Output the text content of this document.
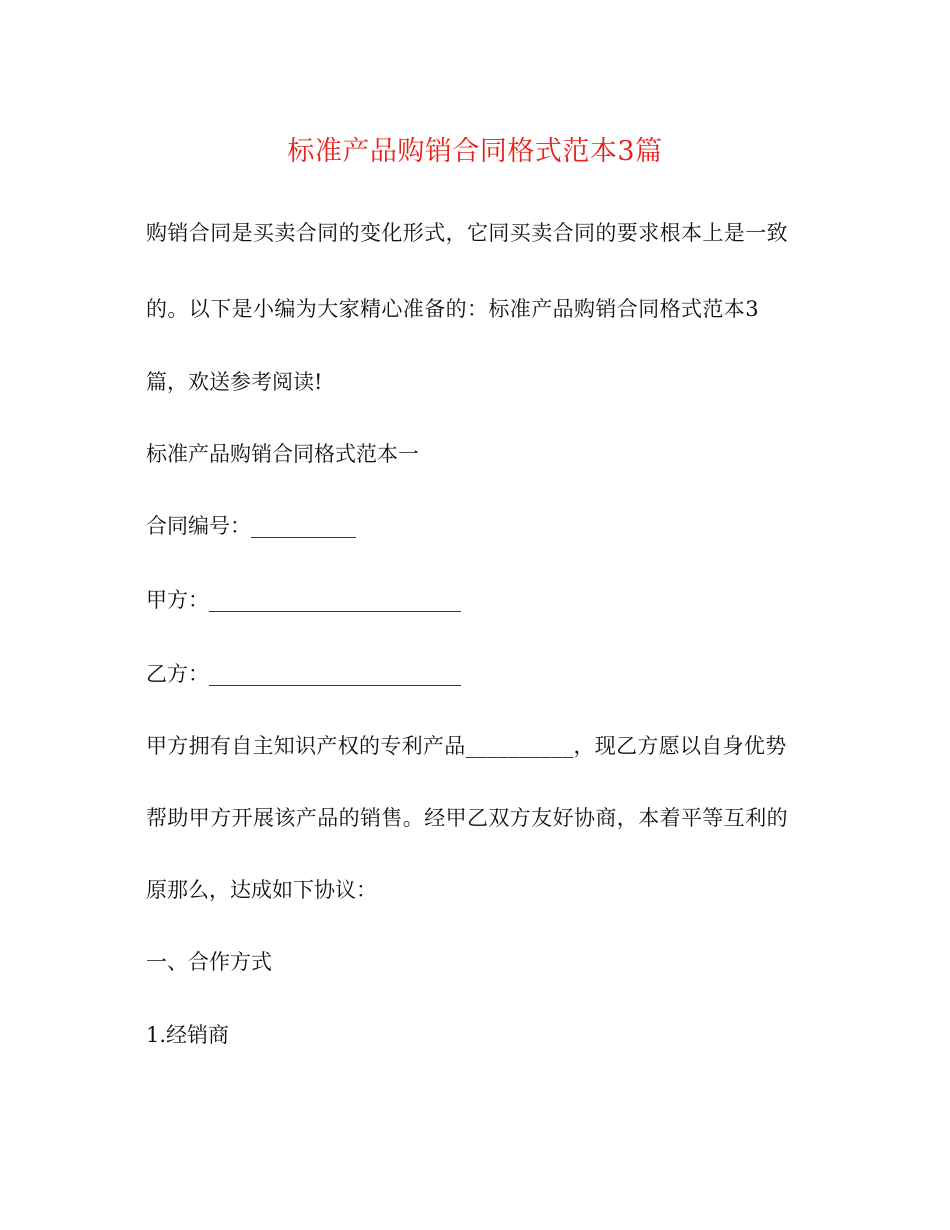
标准产品购销合同格式范本3篇
购销合同是买卖合同的变化形式，它同买卖合同的要求根本上是一致
的。以下是小编为大家精心准备的：标准产品购销合同格式范本3
篇，欢送参考阅读!
标准产品购销合同格式范本一
合同编号：__________
甲方：________________________
乙方：________________________
甲方拥有自主知识产权的专利产品__________，现乙方愿以自身优势
帮助甲方开展该产品的销售。经甲乙双方友好协商，本着平等互利的
原那么，达成如下协议：
一、合作方式
1.经销商
